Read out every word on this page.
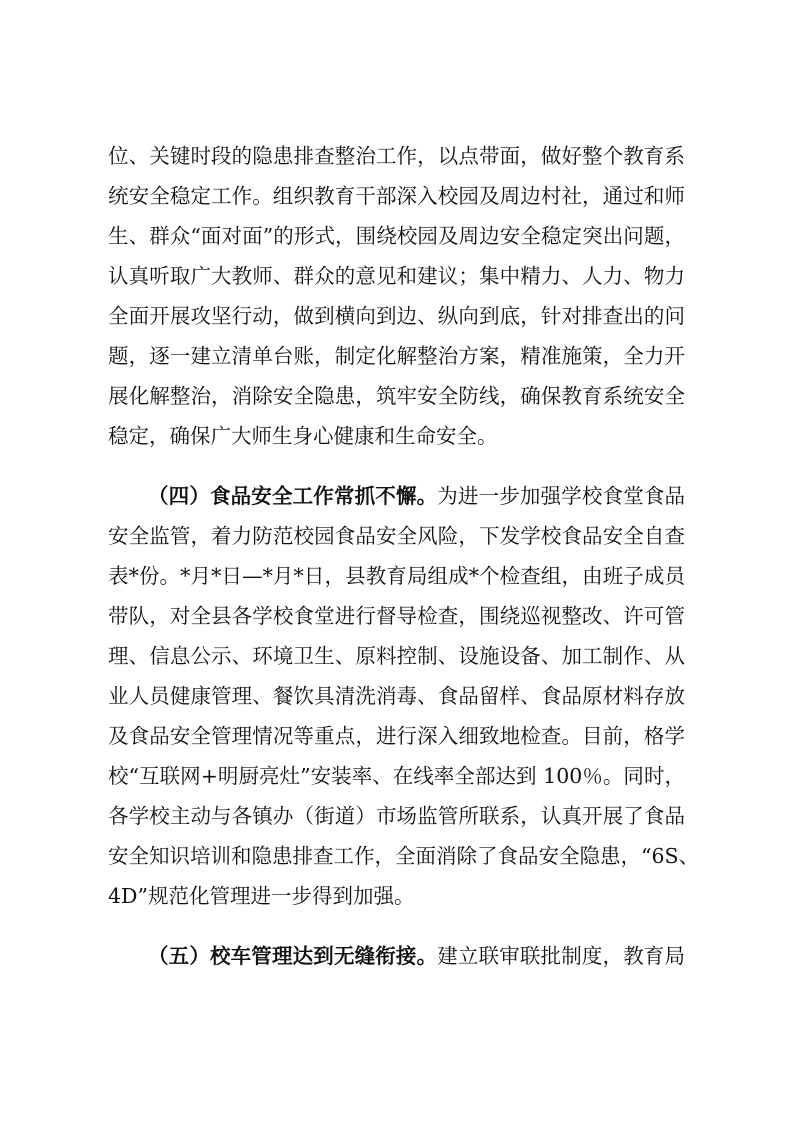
位、关键时段的隐患排查整治工作，以点带面，做好整个教育系
统安全稳定工作。组织教育干部深入校园及周边村社，通过和师
生、群众“面对面”的形式，围绕校园及周边安全稳定突出问题，
认真听取广大教师、群众的意见和建议；集中精力、人力、物力
全面开展攻坚行动，做到横向到边、纵向到底，针对排查出的问
题，逐一建立清单台账，制定化解整治方案，精准施策，全力开
展化解整治，消除安全隐患，筑牢安全防线，确保教育系统安全
稳定，确保广大师生身心健康和生命安全。
（四）食品安全工作常抓不懈。为进一步加强学校食堂食品
安全监管，着力防范校园食品安全风险，下发学校食品安全自查
表*份。*月*日—*月*日，县教育局组成*个检查组，由班子成员
带队，对全县各学校食堂进行督导检查，围绕巡视整改、许可管
理、信息公示、环境卫生、原料控制、设施设备、加工制作、从
业人员健康管理、餐饮具清洗消毒、食品留样、食品原材料存放
及食品安全管理情况等重点，进行深入细致地检查。目前，格学
校“互联网+明厨亮灶”安装率、在线率全部达到 100％。同时，
各学校主动与各镇办（街道）市场监管所联系，认真开展了食品
安全知识培训和隐患排查工作，全面消除了食品安全隐患，“6S、
4D”规范化管理进一步得到加强。
（五）校车管理达到无缝衔接。建立联审联批制度，教育局
